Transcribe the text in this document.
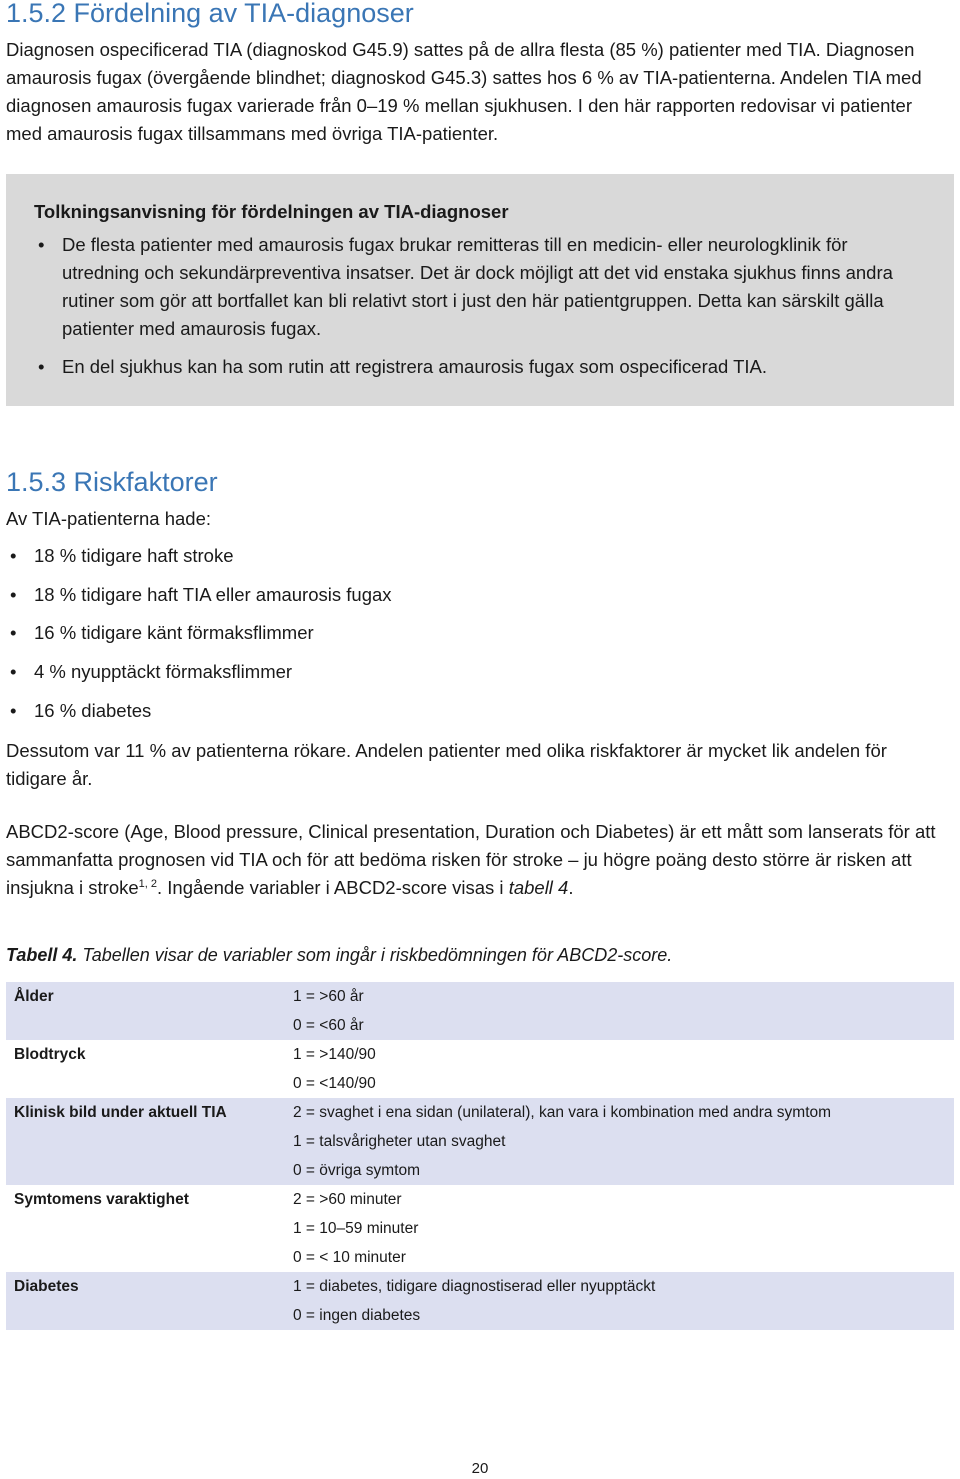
1.5.2 Fördelning av TIA-diagnoser

Diagnosen ospecificerad TIA (diagnoskod G45.9) sattes på de allra flesta (85 %) patienter med TIA. Diagnosen amaurosis fugax (övergående blindhet; diagnoskod G45.3) sattes hos 6 % av TIA-patienterna. Andelen TIA med diagnosen amaurosis fugax varierade från 0–19 % mellan sjukhusen. I den här rapporten redovisar vi patienter med amaurosis fugax tillsammans med övriga TIA-patienter.

Tolkningsanvisning för fördelningen av TIA-diagnoser

• De flesta patienter med amaurosis fugax brukar remitteras till en medicin- eller neurologklinik för utredning och sekundärpreventiva insatser. Det är dock möjligt att det vid enstaka sjukhus finns andra rutiner som gör att bortfallet kan bli relativt stort i just den här patientgruppen. Detta kan särskilt gälla patienter med amaurosis fugax.
• En del sjukhus kan ha som rutin att registrera amaurosis fugax som ospecificerad TIA.
1.5.3 Riskfaktorer

Av TIA-patienterna hade:

• 18 % tidigare haft stroke
• 18 % tidigare haft TIA eller amaurosis fugax
• 16 % tidigare känt förmaksflimmer
• 4 % nyupptäckt förmaksflimmer
• 16 % diabetes

Dessutom var 11 % av patienterna rökare. Andelen patienter med olika riskfaktorer är mycket lik andelen för tidigare år.

ABCD2-score (Age, Blood pressure, Clinical presentation, Duration och Diabetes) är ett mått som lanserats för att sammanfatta prognosen vid TIA och för att bedöma risken för stroke – ju högre poäng desto större är risken att insjukna i stroke$^{1, 2}$. Ingående variabler i ABCD2-score visas i tabell 4.

Tabell 4. Tabellen visar de variabler som ingår i riskbedömningen för ABCD2-score.

Ålder	1 = >60 år
	0 = <60 år
Blodtryck	1 = >140/90
	0 = <140/90
Klinisk bild under aktuell TIA	2 = svaghet i ena sidan (unilateral), kan vara i kombination med andra symtom
	1 = talsvårigheter utan svaghet
	0 = övriga symtom
Symtomens varaktighet	2 = >60 minuter
	1 = 10–59 minuter
	0 = < 10 minuter
Diabetes	1 = diabetes, tidigare diagnostiserad eller nyupptäckt
	0 = ingen diabetes

20
